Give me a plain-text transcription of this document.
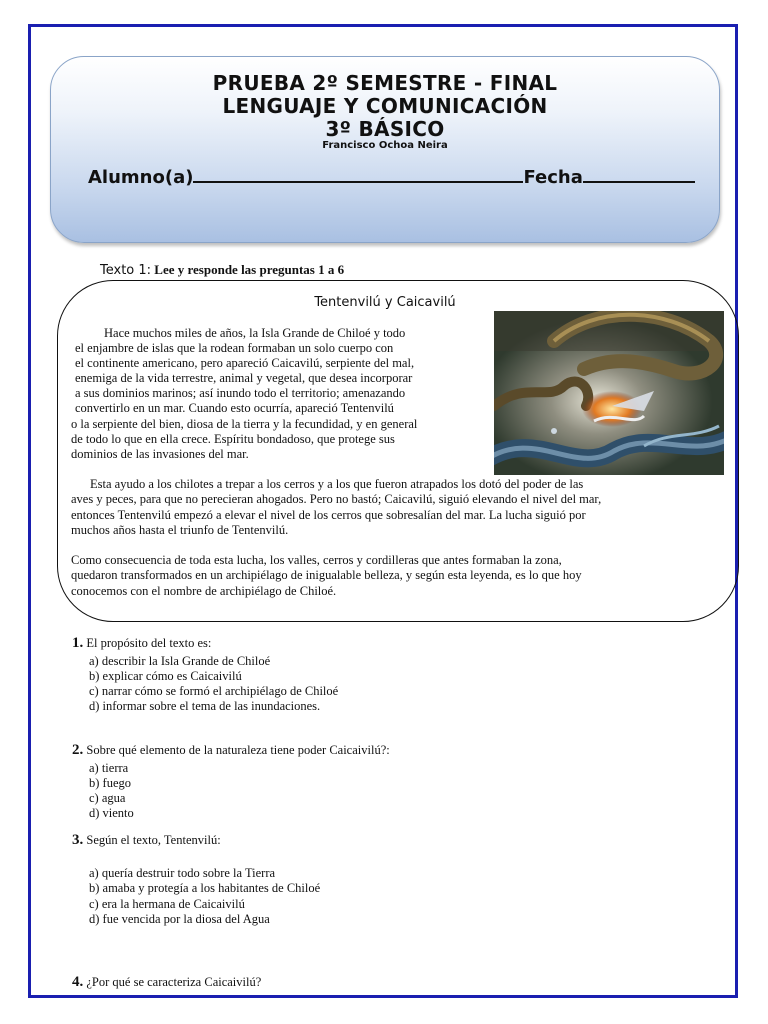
PRUEBA 2º SEMESTRE - FINAL
LENGUAJE Y COMUNICACIÓN
3º BÁSICO
Francisco Ochoa Neira
Alumno(a)	Fecha
Texto 1: Lee y responde las preguntas 1 a 6
Tentenvilú y Caicavilú
Hace muchos miles de años, la Isla Grande de Chiloé y todo
el enjambre de islas que la rodean formaban un solo cuerpo con
el continente americano, pero apareció Caicavilú, serpiente del mal,
enemiga de la vida terrestre, animal y vegetal, que desea incorporar
a sus dominios marinos; así inundo todo el territorio; amenazando
convertirlo en un mar. Cuando esto ocurría, apareció Tentenvilú
o la serpiente del bien, diosa de la tierra y la fecundidad, y en general
de todo lo que en ella crece. Espíritu bondadoso, que protege sus
dominios de las invasiones del mar.
Esta ayudo a los chilotes a trepar a los cerros y a los que fueron atrapados los dotó del poder de las
aves y peces, para que no perecieran ahogados. Pero no bastó; Caicavilú, siguió elevando el nivel del mar,
entonces Tentenvilú empezó a elevar el nivel de los cerros que sobresalían del mar. La lucha siguió por
muchos años hasta el triunfo de Tentenvilú.
Como consecuencia de toda esta lucha, los valles, cerros y cordilleras que antes formaban la zona,
quedaron transformados en un archipiélago de inigualable belleza, y según esta leyenda, es lo que hoy
conocemos con el nombre de archipiélago de Chiloé.
1. El propósito del texto es:
a) describir la Isla Grande de Chiloé
b) explicar cómo es Caicaivilú
c) narrar cómo se formó el archipiélago de Chiloé
d) informar sobre el tema de las inundaciones.
2. Sobre qué elemento de la naturaleza tiene poder Caicaivilú?:
a) tierra
b) fuego
c) agua
d) viento
3. Según el texto, Tentenvilú:
a) quería destruir todo sobre la Tierra
b) amaba y protegía a los habitantes de Chiloé
c) era la hermana de Caicaivilú
d) fue vencida por la diosa del Agua
4. ¿Por qué se caracteriza Caicaivilú?
